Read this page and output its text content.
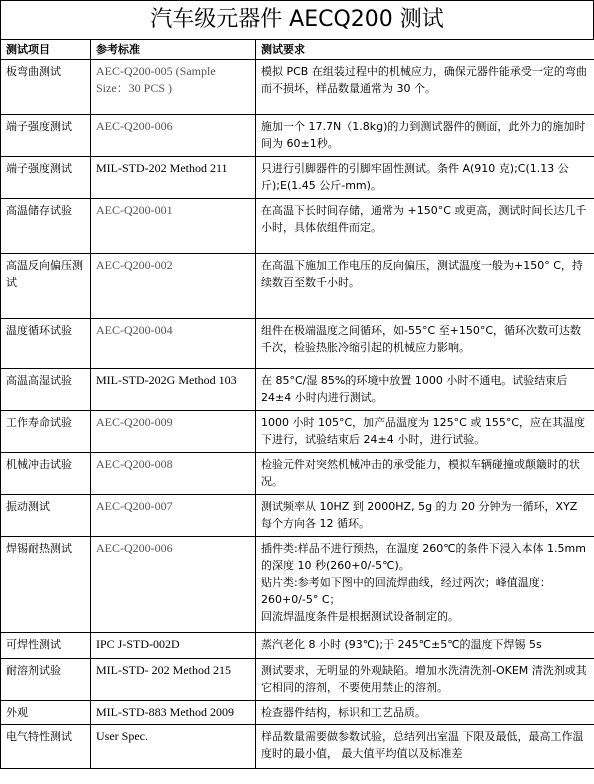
汽车级元器件 AECQ200 测试
测试项目	参考标准	测试要求
板弯曲测试	AEC-Q200-005 (Sample Size：30 PCS )	模拟 PCB 在组装过程中的机械应力，确保元器件能承受一定的弯曲而不损坏，样品数量通常为 30 个。

端子强度测试	AEC-Q200-006	施加一个 17.7N（1.8kg)的力到测试器件的侧面，此外力的施加时间为 60±1秒。

端子强度测试	MIL-STD-202 Method 211	只进行引脚器件的引脚牢固性测试。条件 A(910 克);C(1.13 公 斤);E(1.45 公斤-mm)。

高温储存试验	AEC-Q200-001	在高温下长时间存储，通常为 +150°C 或更高，测试时间长达几千小时，具体依组件而定。

高温反向偏压测试	AEC-Q200-002	在高温下施加工作电压的反向偏压，测试温度一般为+150° C，持续数百至数千小时。

温度循环试验	AEC-Q200-004	组件在极端温度之间循环，如-55°C 至+150°C，循环次数可达数千次，检验热胀冷缩引起的机械应力影响。

高温高湿试验	MIL-STD-202G Method 103	在 85°C/湿 85%的环境中放置 1000 小时不通电。试验结束后 24±4 小时内进行测试。

工作寿命试验	AEC-Q200-009	1000 小时 105°C，加产品温度为 125°C 或 155°C，应在其温度下进行，试验结束后 24±4 小时，进行试验。

机械冲击试验	AEC-Q200-008	检验元件对突然机械冲击的承受能力，模拟车辆碰撞或颠簸时的状况。

振动测试	AEC-Q200-007	测试频率从 10HZ 到 2000HZ, 5g 的力 20 分钟为一循环，XYZ 每个方向各 12 循环。

焊锡耐热测试	AEC-Q200-006	插件类:样品不进行预热，在温度 260℃的条件下浸入本体 1.5mm 的深度 10 秒(260+0/-5℃)。

贴片类:参考如下图中的回流焊曲线，经过两次；峰值温度：260+0/-5° C；

回流焊温度条件是根据测试设备制定的。

可焊性测试	IPC J-STD-002D	蒸汽老化 8 小时 (93℃);于 245℃±5℃的温度下焊锡 5s

耐溶剂试验	MIL-STD- 202 Method 215	测试要求，无明显的外观缺陷。增加水洗清洗剂-OKEM 清洗剂或其它相同的溶剂，不要使用禁止的溶剂。

外观	MIL-STD-883 Method 2009	检查器件结构，标识和工艺品质。

电气特性测试	User Spec.	样品数量需要做参数试验，总结列出室温 下限及最低，最高工作温度时的最小值， 最大值平均值以及标准差
